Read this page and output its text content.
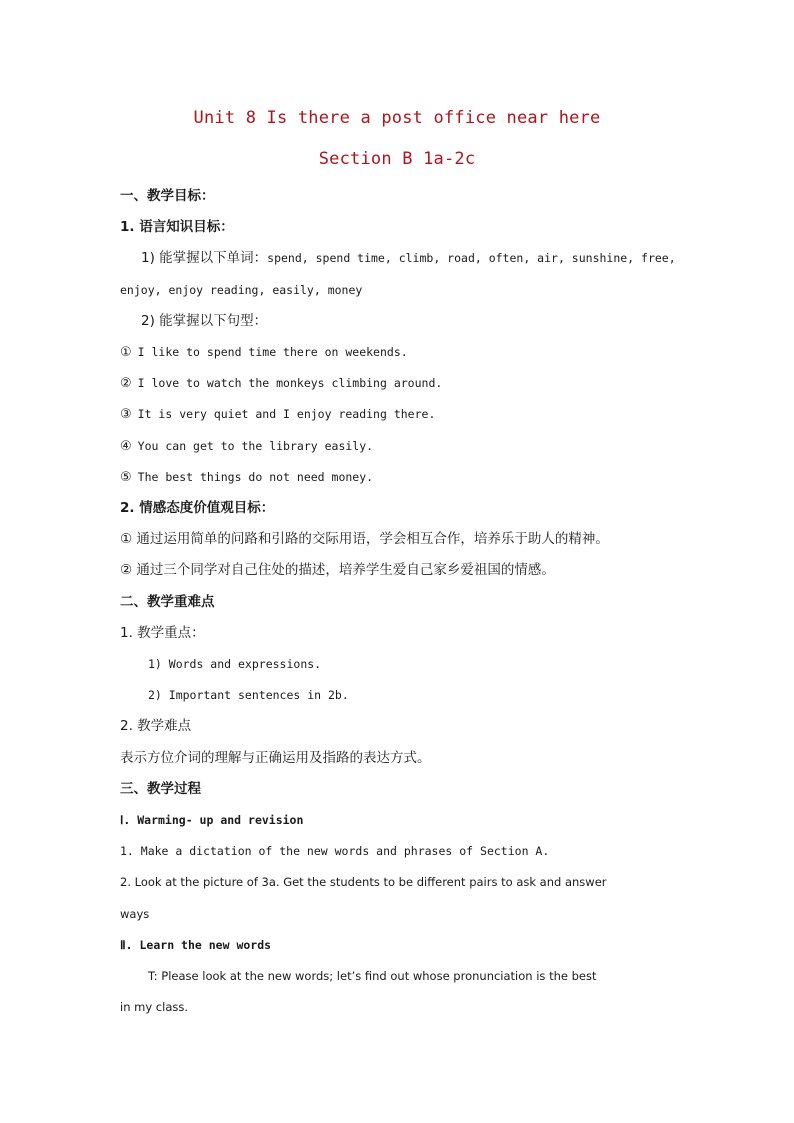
Unit 8 Is there a post office near here
Section B 1a-2c
一、教学目标：
1. 语言知识目标：
1) 能掌握以下单词：spend, spend time, climb, road, often, air, sunshine, free,
enjoy, enjoy reading, easily, money
2) 能掌握以下句型：
① I like to spend time there on weekends.
② I love to watch the monkeys climbing around.
③ It is very quiet and I enjoy reading there.
④ You can get to the library easily.
⑤ The best things do not need money.
2. 情感态度价值观目标：
① 通过运用简单的问路和引路的交际用语，学会相互合作，培养乐于助人的精神。
② 通过三个同学对自己住处的描述，培养学生爱自己家乡爱祖国的情感。
二、教学重难点
1. 教学重点：
1) Words and expressions.
2) Important sentences in 2b.
2. 教学难点
表示方位介词的理解与正确运用及指路的表达方式。
三、教学过程
Ⅰ. Warming- up and revision
1. Make a dictation of the new words and phrases of Section A.
2. Look at the picture of 3a. Get the students to be different pairs to ask and answer
ways
Ⅱ. Learn the new words
T: Please look at the new words; let’s find out whose pronunciation is the best
in my class.
